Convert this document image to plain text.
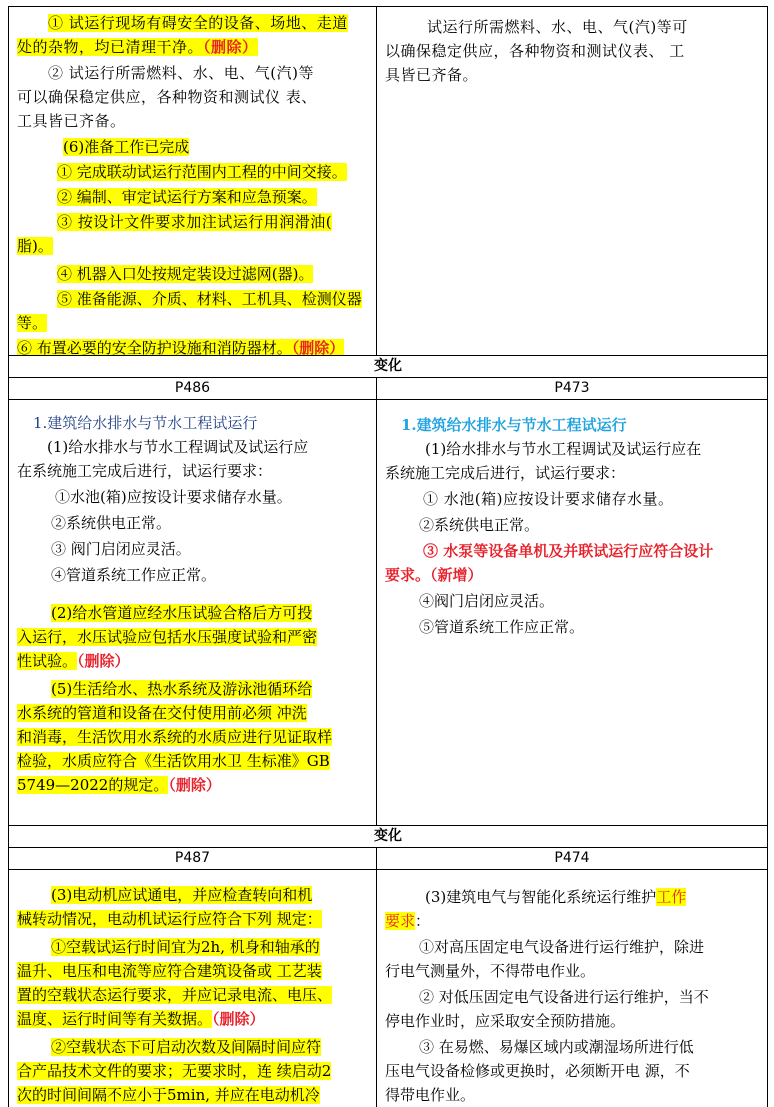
① 试运行现场有碍安全的设备、场地、走道

处的杂物，均已清理干净。（删除）

② 试运行所需燃料、水、电、气(汽)等

可以确保稳定供应，各种物资和测试仪 表、

工具皆已齐备。

(6)准备工作已完成

① 完成联动试运行范围内工程的中间交接。

② 编制、审定试运行方案和应急预案。

③ 按设计文件要求加注试运行用润滑油(

脂)。

④ 机器入口处按规定装设过滤网(器)。

⑤ 准备能源、介质、材料、工机具、检测仪器

等。

⑥ 布置必要的安全防护设施和消防器材。（删除）

试运行所需燃料、水、电、气(汽)等可

以确保稳定供应，各种物资和测试仪表、 工

具皆已齐备。

变化
P486	P473

1.建筑给水排水与节水工程试运行

(1)给水排水与节水工程调试及试运行应

在系统施工完成后进行，试运行要求：

①水池(箱)应按设计要求储存水量。

②系统供电正常。

③ 阀门启闭应灵活。

④管道系统工作应正常。

(2)给水管道应经水压试验合格后方可投

入运行，水压试验应包括水压强度试验和严密

性试验。（删除）

(5)生活给水、热水系统及游泳池循环给

水系统的管道和设备在交付使用前必须 冲洗

和消毒，生活饮用水系统的水质应进行见证取样

检验，水质应符合《生活饮用水卫 生标准》GB

5749—2022的规定。（删除）

1.建筑给水排水与节水工程试运行

(1)给水排水与节水工程调试及试运行应在

系统施工完成后进行，试运行要求：

① 水池(箱)应按设计要求储存水量。

②系统供电正常。

③ 水泵等设备单机及并联试运行应符合设计

要求。（新增）

④阀门启闭应灵活。

⑤管道系统工作应正常。

变化
P487	P474

(3)电动机应试通电，并应检查转向和机

械转动情况，电动机试运行应符合下列 规定：

①空载试运行时间宜为2h, 机身和轴承的

温升、电压和电流等应符合建筑设备或 工艺装

置的空载状态运行要求，并应记录电流、电压、

温度、运行时间等有关数据。（删除）

②空载状态下可启动次数及间隔时间应符

合产品技术文件的要求；无要求时，连 续启动2

次的时间间隔不应小于5min, 并应在电动机冷

(3)建筑电气与智能化系统运行维护工作

要求：

①对高压固定电气设备进行运行维护，除进

行电气测量外，不得带电作业。

② 对低压固定电气设备进行运行维护，当不

停电作业时，应采取安全预防措施。

③ 在易燃、易爆区域内或潮湿场所进行低

压电气设备检修或更换时，必须断开电 源，不

得带电作业。
